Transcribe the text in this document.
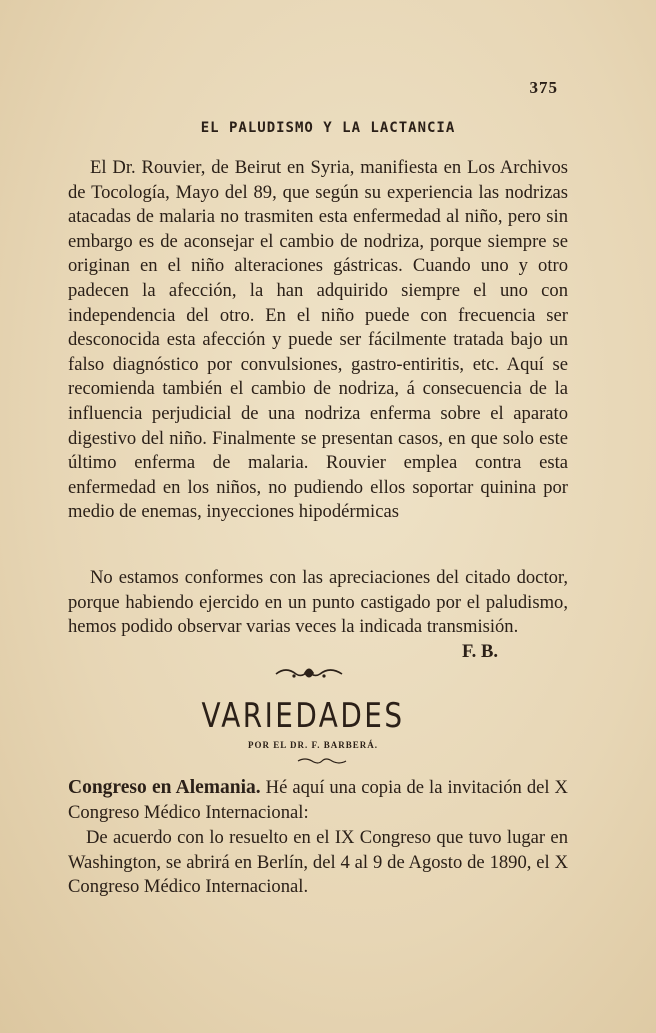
375
EL PALUDISMO Y LA LACTANCIA
El Dr. Rouvier, de Beirut en Syria, manifiesta en Los Archivos de Tocología, Mayo del 89, que según su experiencia las nodrizas atacadas de malaria no trasmiten esta enfermedad al niño, pero sin embargo es de aconsejar el cambio de nodriza, porque siempre se originan en el niño alteraciones gástricas. Cuando uno y otro padecen la afección, la han adquirido siempre el uno con independencia del otro. En el niño puede con frecuencia ser desconocida esta afección y puede ser fácilmente tratada bajo un falso diagnóstico por convulsiones, gastro-entiritis, etc. Aquí se recomienda también el cambio de nodriza, á consecuencia de la influencia perjudicial de una nodriza enferma sobre el aparato digestivo del niño. Finalmente se presentan casos, en que solo este último enferma de malaria. Rouvier emplea contra esta enfermedad en los niños, no pudiendo ellos soportar quinina por medio de enemas, inyecciones hipodérmicas
No estamos conformes con las apreciaciones del citado doctor, porque habiendo ejercido en un punto castigado por el paludismo, hemos podido observar varias veces la indicada transmisión.
F. B.
VARIEDADES
POR EL DR. F. BARBERÁ.
Congreso en Alemania. Hé aquí una copia de la invitación del X Congreso Médico Internacional:
De acuerdo con lo resuelto en el IX Congreso que tuvo lugar en Washington, se abrirá en Berlín, del 4 al 9 de Agosto de 1890, el X Congreso Médico Internacional.
